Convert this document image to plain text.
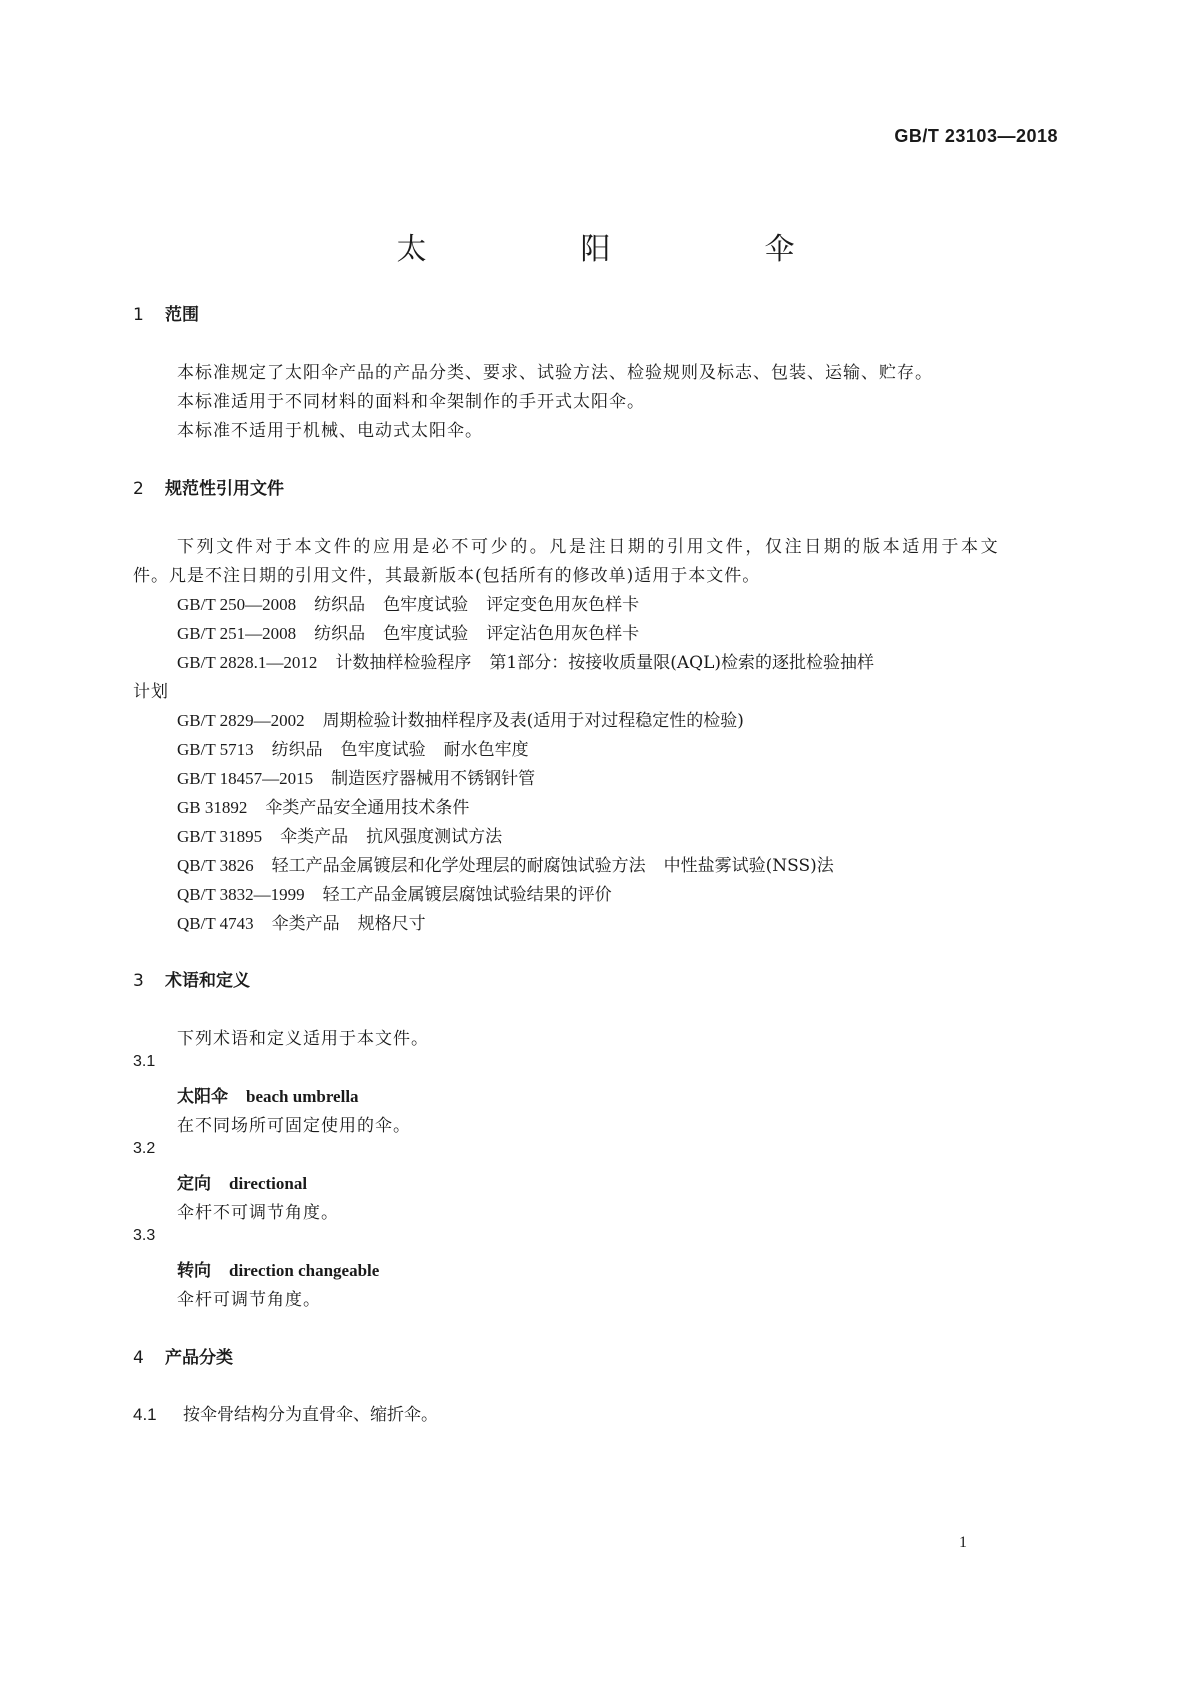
GB/T 23103—2018
太　阳　伞
1 范围
本标准规定了太阳伞产品的产品分类、要求、试验方法、检验规则及标志、包装、运输、贮存。
本标准适用于不同材料的面料和伞架制作的手开式太阳伞。
本标准不适用于机械、电动式太阳伞。
2 规范性引用文件
下列文件对于本文件的应用是必不可少的。凡是注日期的引用文件，仅注日期的版本适用于本文
件。凡是不注日期的引用文件，其最新版本(包括所有的修改单)适用于本文件。
GB/T 250—2008 纺织品 色牢度试验 评定变色用灰色样卡
GB/T 251—2008 纺织品 色牢度试验 评定沾色用灰色样卡
GB/T 2828.1—2012 计数抽样检验程序 第1部分：按接收质量限(AQL)检索的逐批检验抽样
计划
GB/T 2829—2002 周期检验计数抽样程序及表(适用于对过程稳定性的检验)
GB/T 5713 纺织品 色牢度试验 耐水色牢度
GB/T 18457—2015 制造医疗器械用不锈钢针管
GB 31892 伞类产品安全通用技术条件
GB/T 31895 伞类产品 抗风强度测试方法
QB/T 3826 轻工产品金属镀层和化学处理层的耐腐蚀试验方法 中性盐雾试验(NSS)法
QB/T 3832—1999 轻工产品金属镀层腐蚀试验结果的评价
QB/T 4743 伞类产品 规格尺寸
3 术语和定义
下列术语和定义适用于本文件。
3.1
太阳伞 beach umbrella
在不同场所可固定使用的伞。
3.2
定向 directional
伞杆不可调节角度。
3.3
转向 direction changeable
伞杆可调节角度。
4 产品分类
4.1 按伞骨结构分为直骨伞、缩折伞。
1
